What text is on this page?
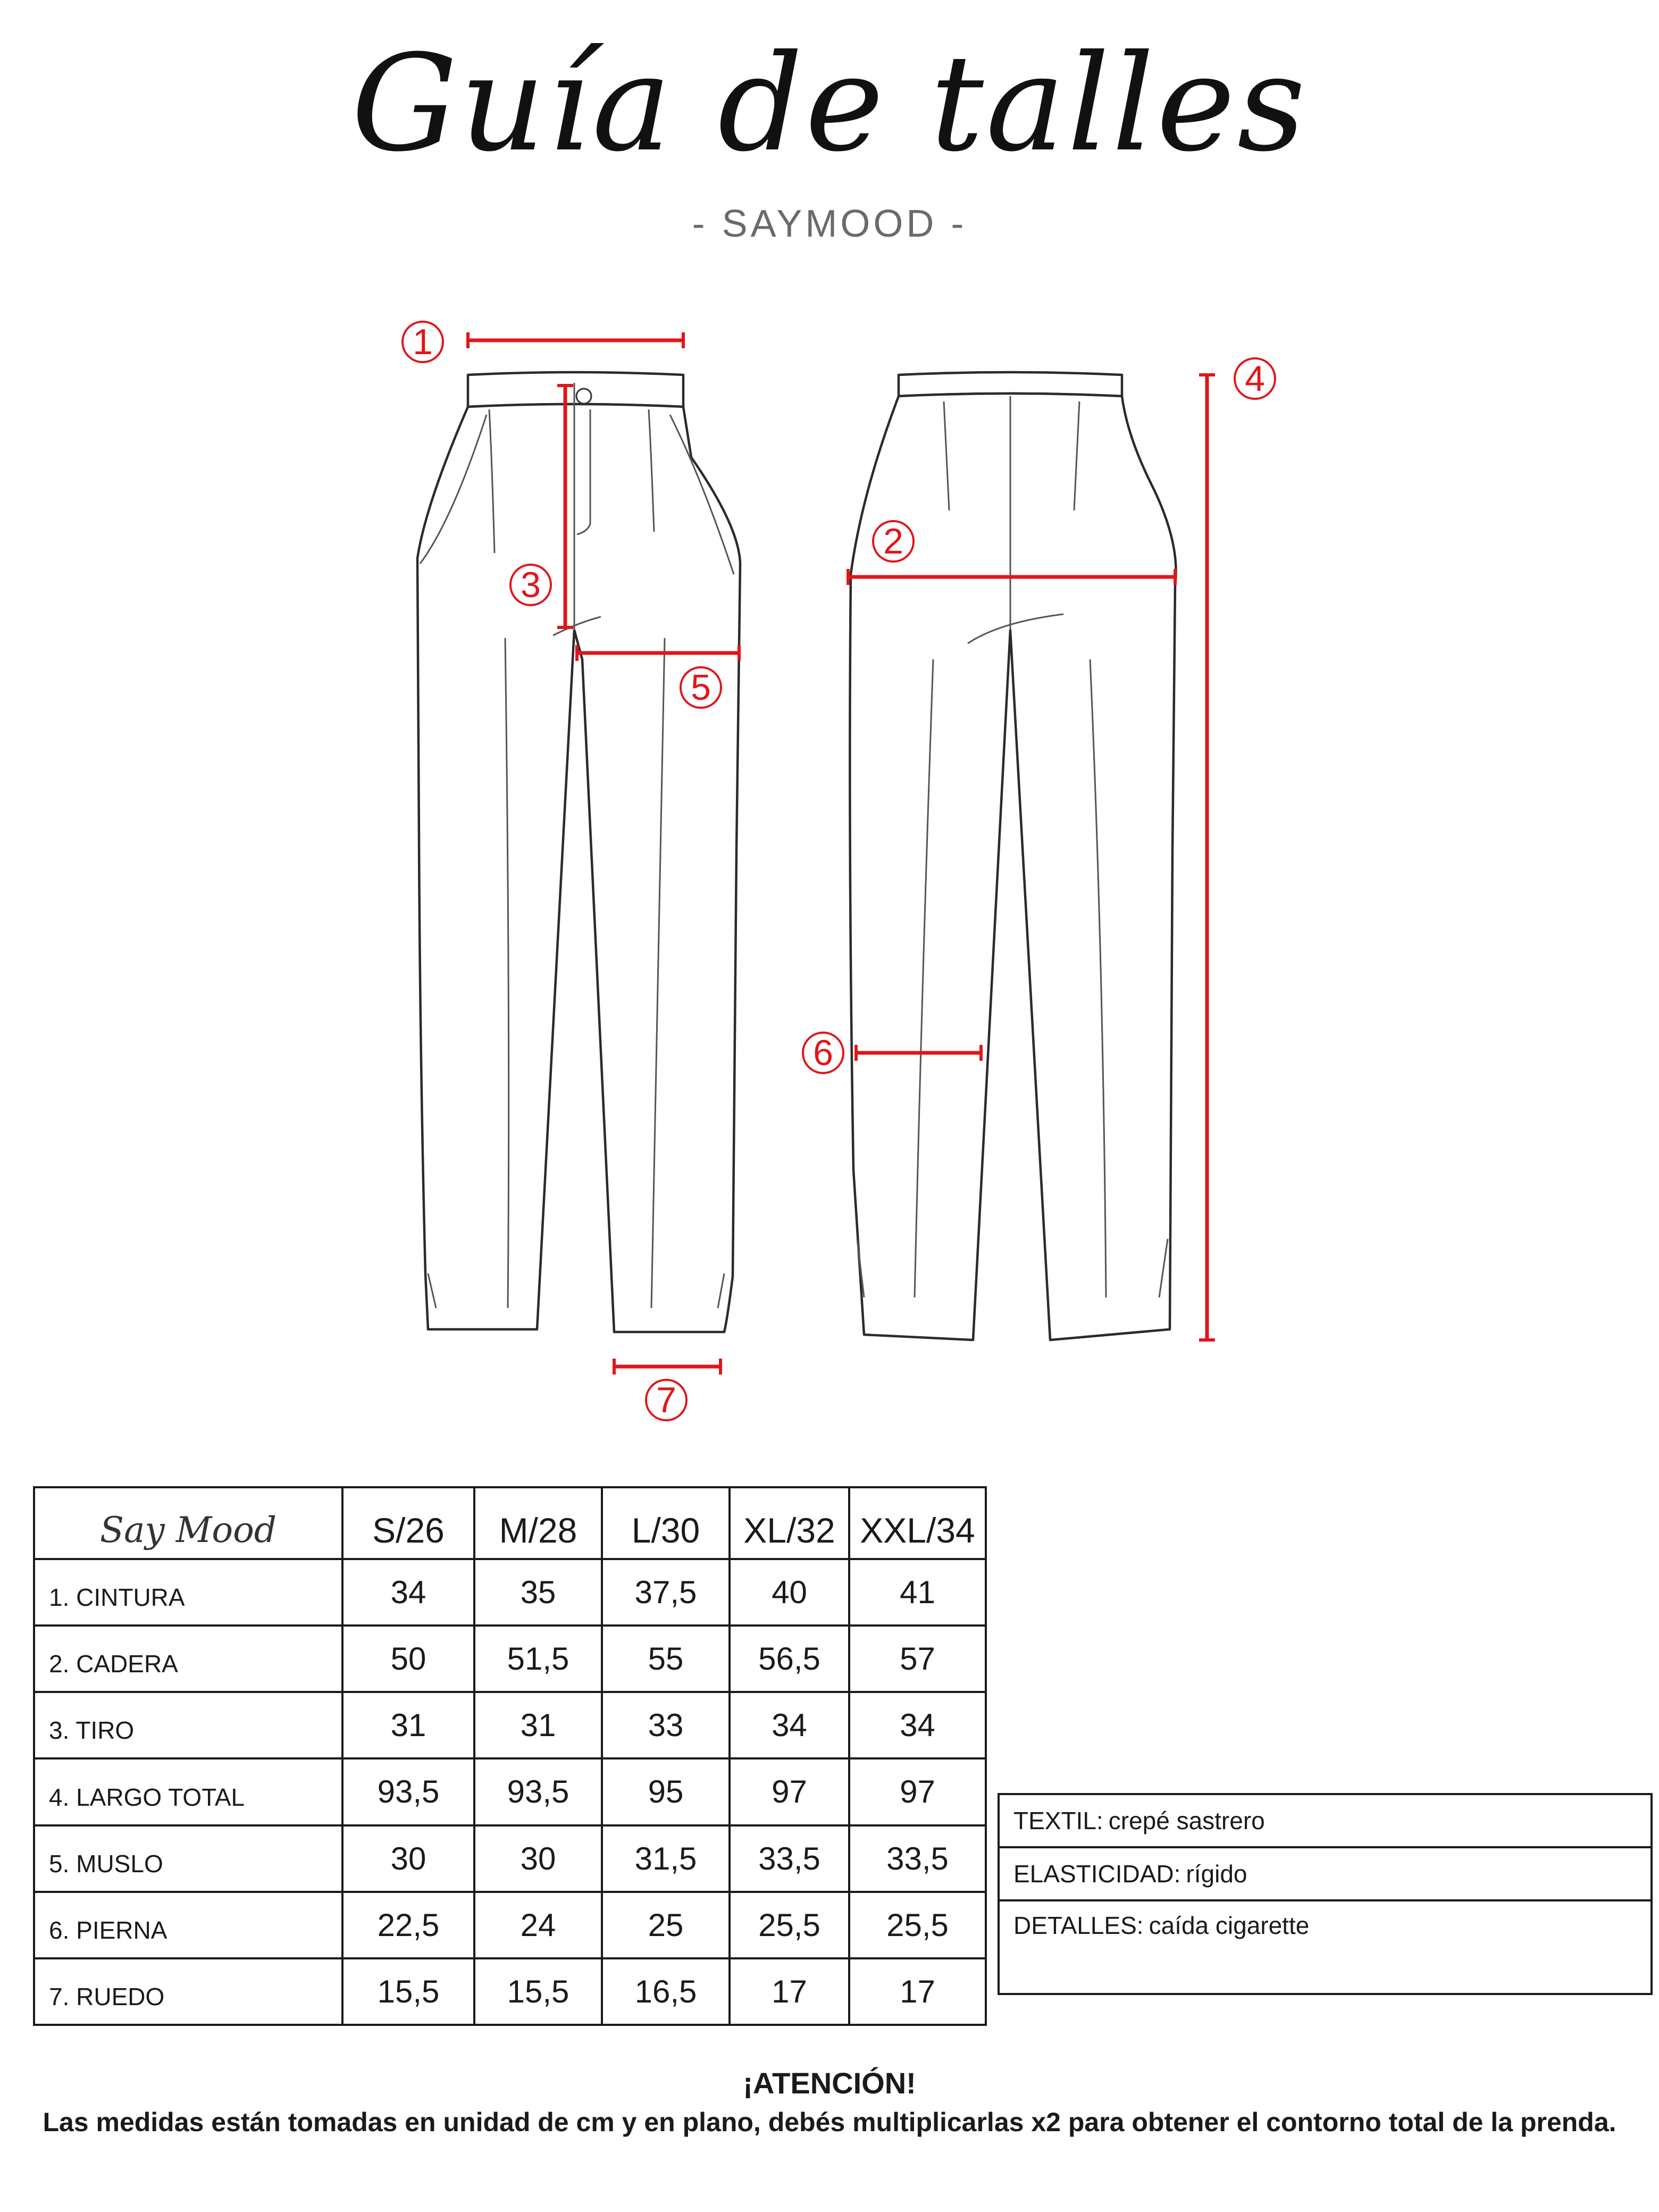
Guía de talles
- SAYMOOD -
1
2
3
4
5
6
7
Say Mood	S/26	M/28	L/30	XL/32	XXL/34
1. CINTURA	34	35	37,5	40	41
2. CADERA	50	51,5	55	56,5	57
3. TIRO	31	31	33	34	34
4. LARGO TOTAL	93,5	93,5	95	97	97
5. MUSLO	30	30	31,5	33,5	33,5
6. PIERNA	22,5	24	25	25,5	25,5
7. RUEDO	15,5	15,5	16,5	17	17
TEXTIL: crepé sastrero
ELASTICIDAD: rígido
DETALLES: caída cigarette
¡ATENCIÓN!
Las medidas están tomadas en unidad de cm y en plano, debés multiplicarlas x2 para obtener el contorno total de la prenda.
